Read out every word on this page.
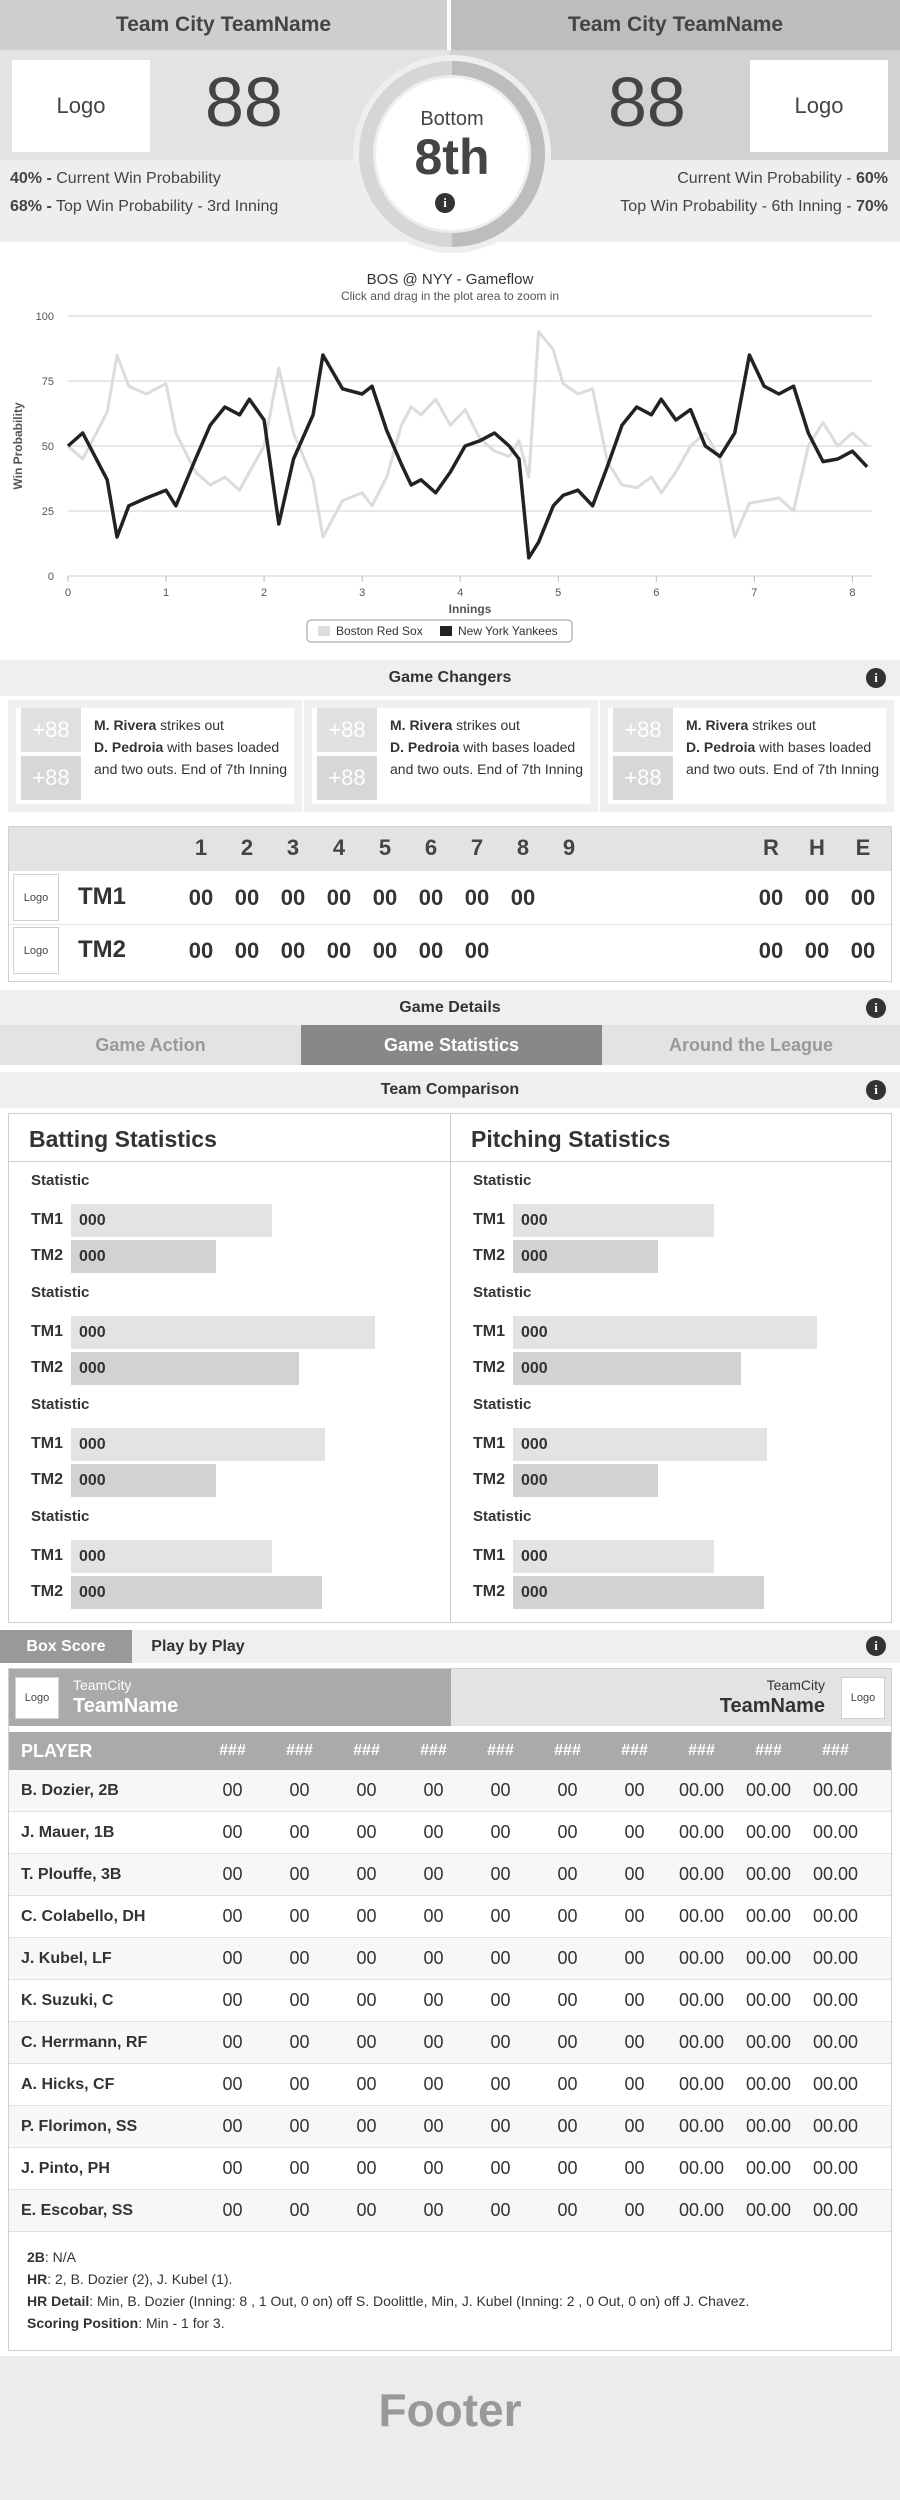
Team City TeamName	Team City TeamName
Logo	88	Logo
88
40% - Current Win Probability
68% - Top Win Probability - 3rd Inning
Current Win Probability - 60%
Top Win Probability - 6th Inning - 70%
Bottom
8th
i
BOS @ NYY - Gameflow
Click and drag in the plot area to zoom in
0
25
50
75
100
0	1	2	3	4	5	6	7	8
Innings
Win Probability
Boston Red Sox	New York Yankees
Game Changers	i
+88
+88
M. Rivera strikes out
D. Pedroia with bases loaded and two outs. End of 7th Inning
+88
+88
M. Rivera strikes out
D. Pedroia with bases loaded and two outs. End of 7th Inning
+88
+88
M. Rivera strikes out
D. Pedroia with bases loaded and two outs. End of 7th Inning
1	2	3	4	5	6	7	8	9	R	H	E
Logo	TM1	00 00 00 00 00 00 00 00	00 00 00
Logo	TM2	00 00 00 00 00 00 00	00 00 00
Game Details	i
Game Action	Game Statistics	Around the League
Team Comparison	i
Batting Statistics	Pitching Statistics
Statistic
TM1	000
TM2	000
Statistic
TM1	000
TM2	000
Statistic
TM1	000
TM2	000
Statistic
TM1	000
TM2	000
Statistic
TM1	000
TM2	000
Statistic
TM1	000
TM2	000
Statistic
TM1	000
TM2	000
Statistic
TM1	000
TM2	000
Box Score	Play by Play	i
Logo
TeamCity
TeamName	Logo
TeamCity
TeamName
PLAYER	###	###	###	###	###	###	###	###	###	###
B. Dozier, 2B	00	00	00	00	00	00	00	00.00	00.00	00.00
J. Mauer, 1B	00	00	00	00	00	00	00	00.00	00.00	00.00
T. Plouffe, 3B	00	00	00	00	00	00	00	00.00	00.00	00.00
C. Colabello, DH	00	00	00	00	00	00	00	00.00	00.00	00.00
J. Kubel, LF	00	00	00	00	00	00	00	00.00	00.00	00.00
K. Suzuki, C	00	00	00	00	00	00	00	00.00	00.00	00.00
C. Herrmann, RF	00	00	00	00	00	00	00	00.00	00.00	00.00
A. Hicks, CF	00	00	00	00	00	00	00	00.00	00.00	00.00
P. Florimon, SS	00	00	00	00	00	00	00	00.00	00.00	00.00
J. Pinto, PH	00	00	00	00	00	00	00	00.00	00.00	00.00
E. Escobar, SS	00	00	00	00	00	00	00	00.00	00.00	00.00
2B: N/A
HR: 2, B. Dozier (2), J. Kubel (1).
HR Detail: Min, B. Dozier (Inning: 8 , 1 Out, 0 on) off S. Doolittle, Min, J. Kubel (Inning: 2 , 0 Out, 0 on) off J. Chavez.
Scoring Position: Min - 1 for 3.
Footer
